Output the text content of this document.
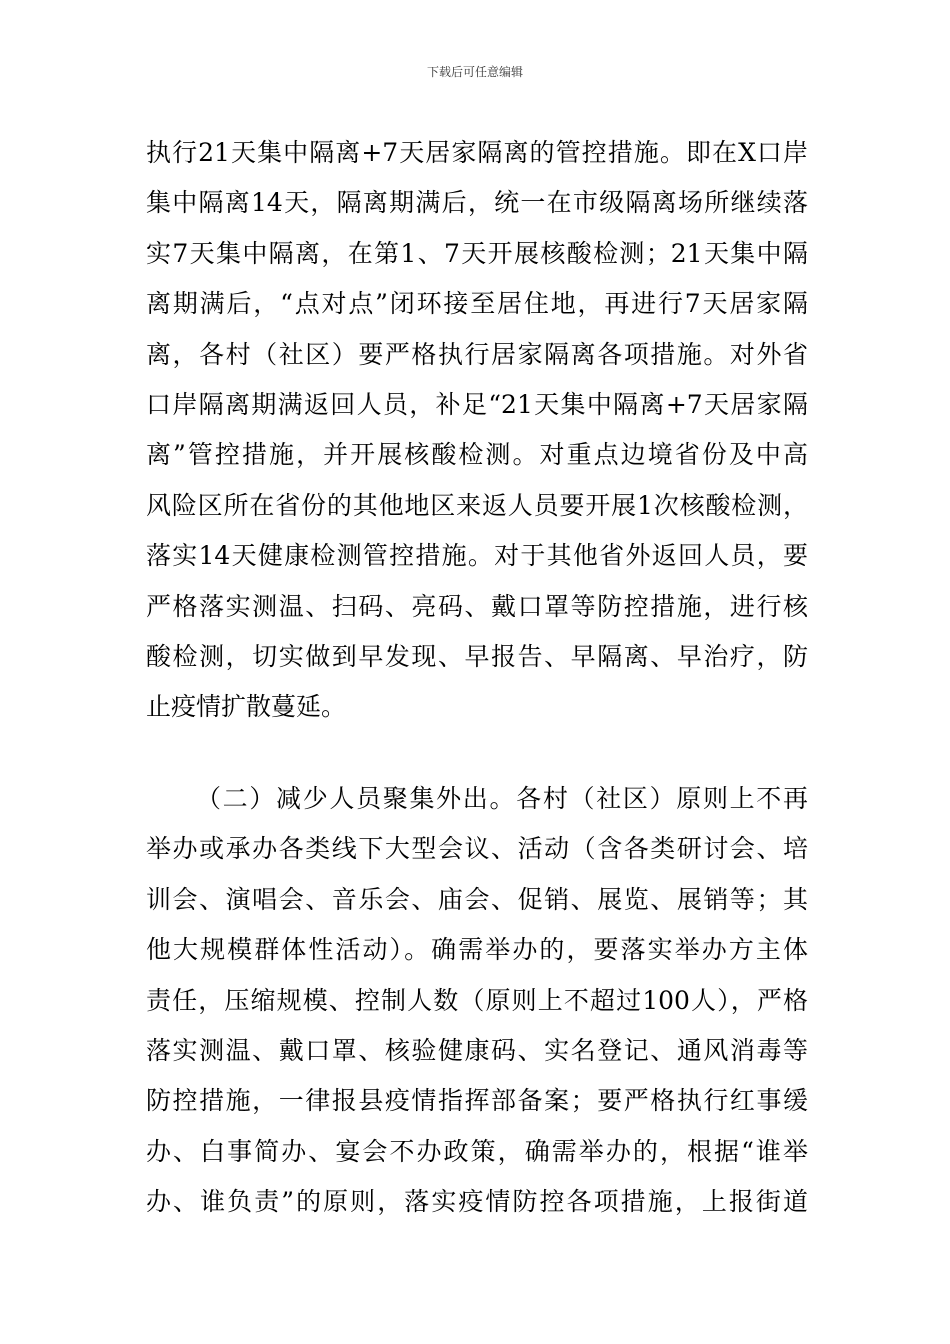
下载后可任意编辑
执行21天集中隔离+7天居家隔离的管控措施。即在X口岸
集中隔离14天，隔离期满后，统一在市级隔离场所继续落
实7天集中隔离，在第1、7天开展核酸检测；21天集中隔
离期满后，“点对点”闭环接至居住地，再进行7天居家隔
离，各村（社区）要严格执行居家隔离各项措施。对外省
口岸隔离期满返回人员，补足“21天集中隔离+7天居家隔
离”管控措施，并开展核酸检测。对重点边境省份及中高
风险区所在省份的其他地区来返人员要开展1次核酸检测，
落实14天健康检测管控措施。对于其他省外返回人员，要
严格落实测温、扫码、亮码、戴口罩等防控措施，进行核
酸检测，切实做到早发现、早报告、早隔离、早治疗，防
止疫情扩散蔓延。
（二）减少人员聚集外出。各村（社区）原则上不再
举办或承办各类线下大型会议、活动（含各类研讨会、培
训会、演唱会、音乐会、庙会、促销、展览、展销等；其
他大规模群体性活动）。确需举办的，要落实举办方主体
责任，压缩规模、控制人数（原则上不超过100人），严格
落实测温、戴口罩、核验健康码、实名登记、通风消毒等
防控措施，一律报县疫情指挥部备案；要严格执行红事缓
办、白事简办、宴会不办政策，确需举办的，根据“谁举
办、谁负责”的原则，落实疫情防控各项措施，上报街道
